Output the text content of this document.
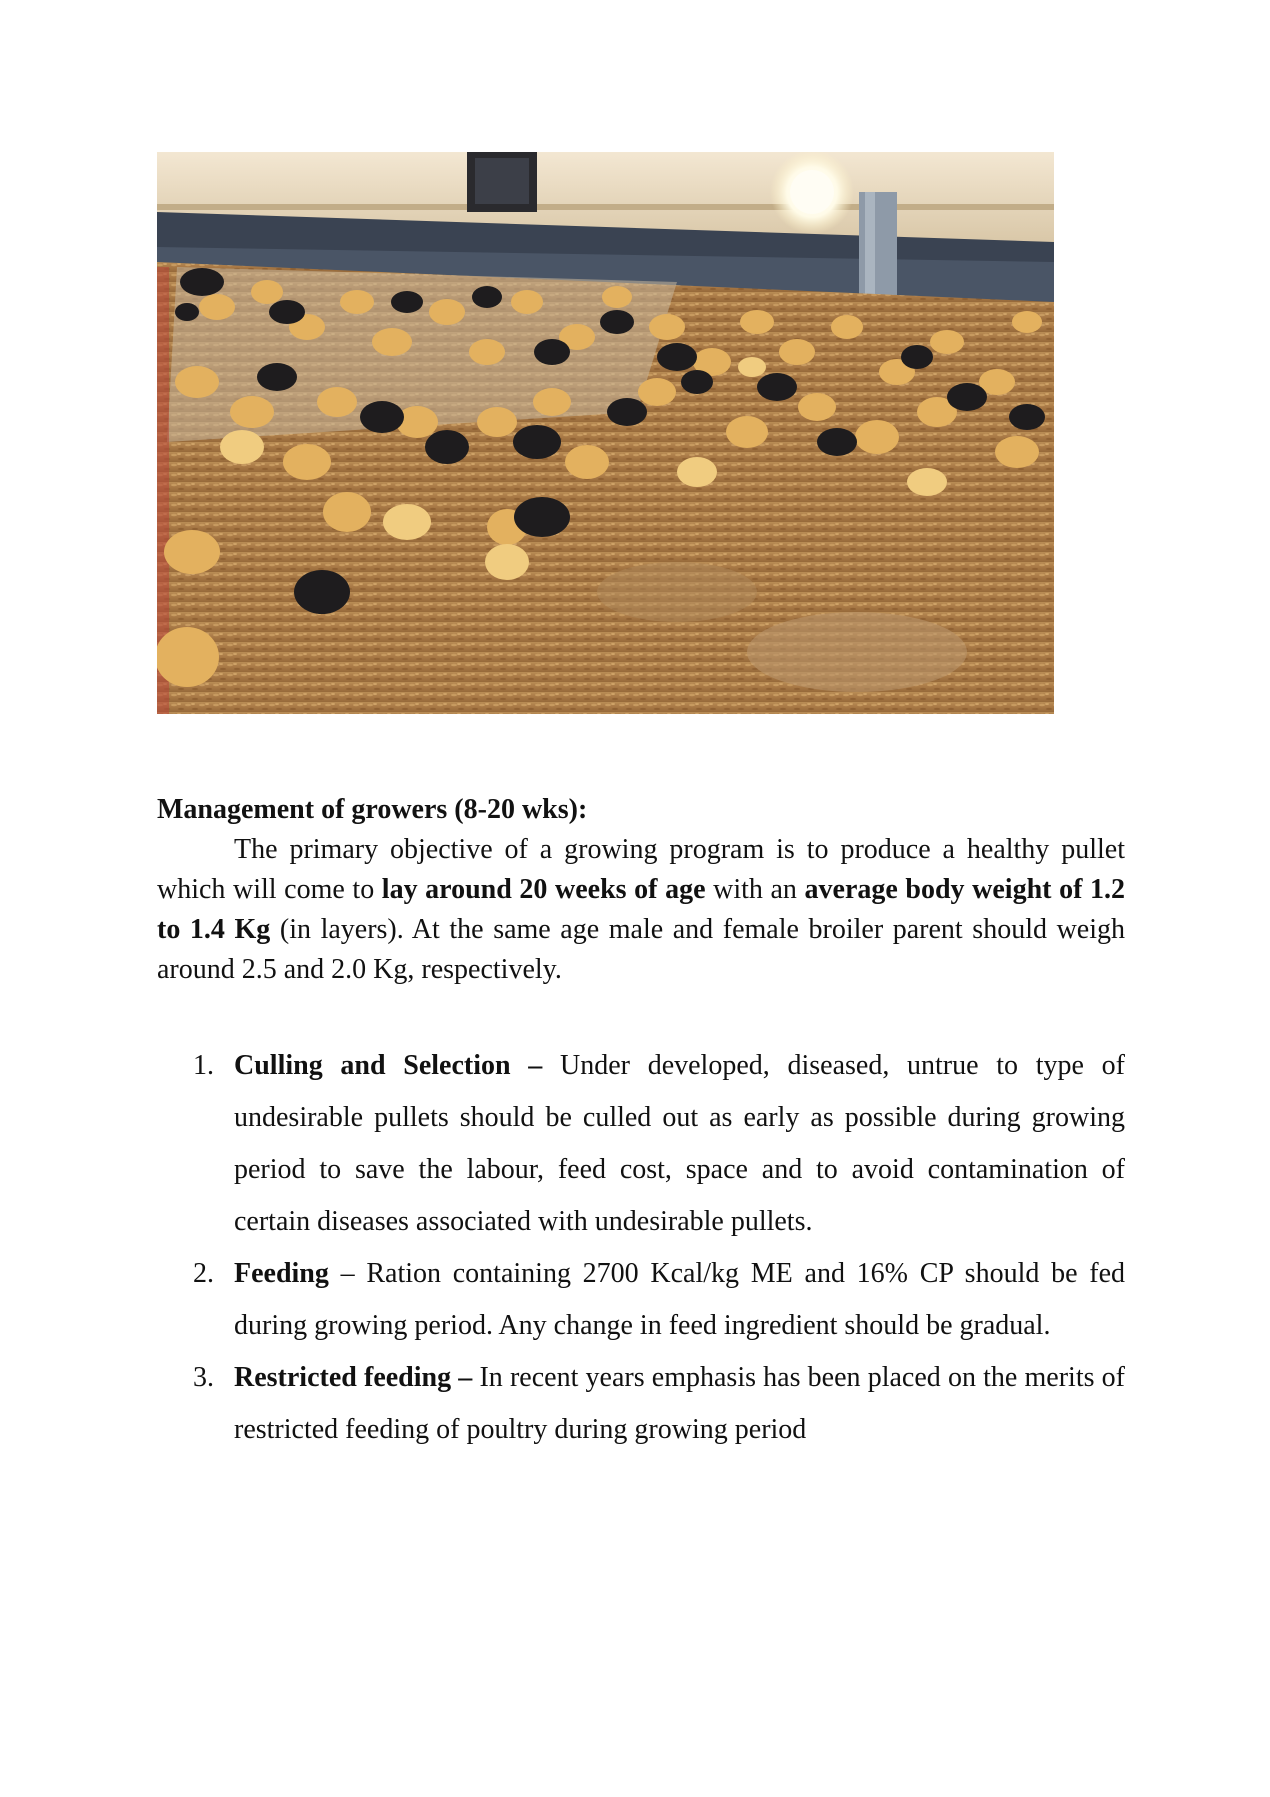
Management of growers (8-20 wks):

The primary objective of a growing program is to produce a healthy pullet which will come to lay around 20 weeks of age with an average body weight of 1.2 to 1.4 Kg (in layers). At the same age male and female broiler parent should weigh around 2.5 and 2.0 Kg, respectively.

1. Culling and Selection – Under developed, diseased, untrue to type of undesirable pullets should be culled out as early as possible during growing period to save the labour, feed cost, space and to avoid contamination of certain diseases associated with undesirable pullets.
2. Feeding – Ration containing 2700 Kcal/kg ME and 16% CP should be fed during growing period. Any change in feed ingredient should be gradual.
3. Restricted feeding – In recent years emphasis has been placed on the merits of restricted feeding of poultry during growing period
